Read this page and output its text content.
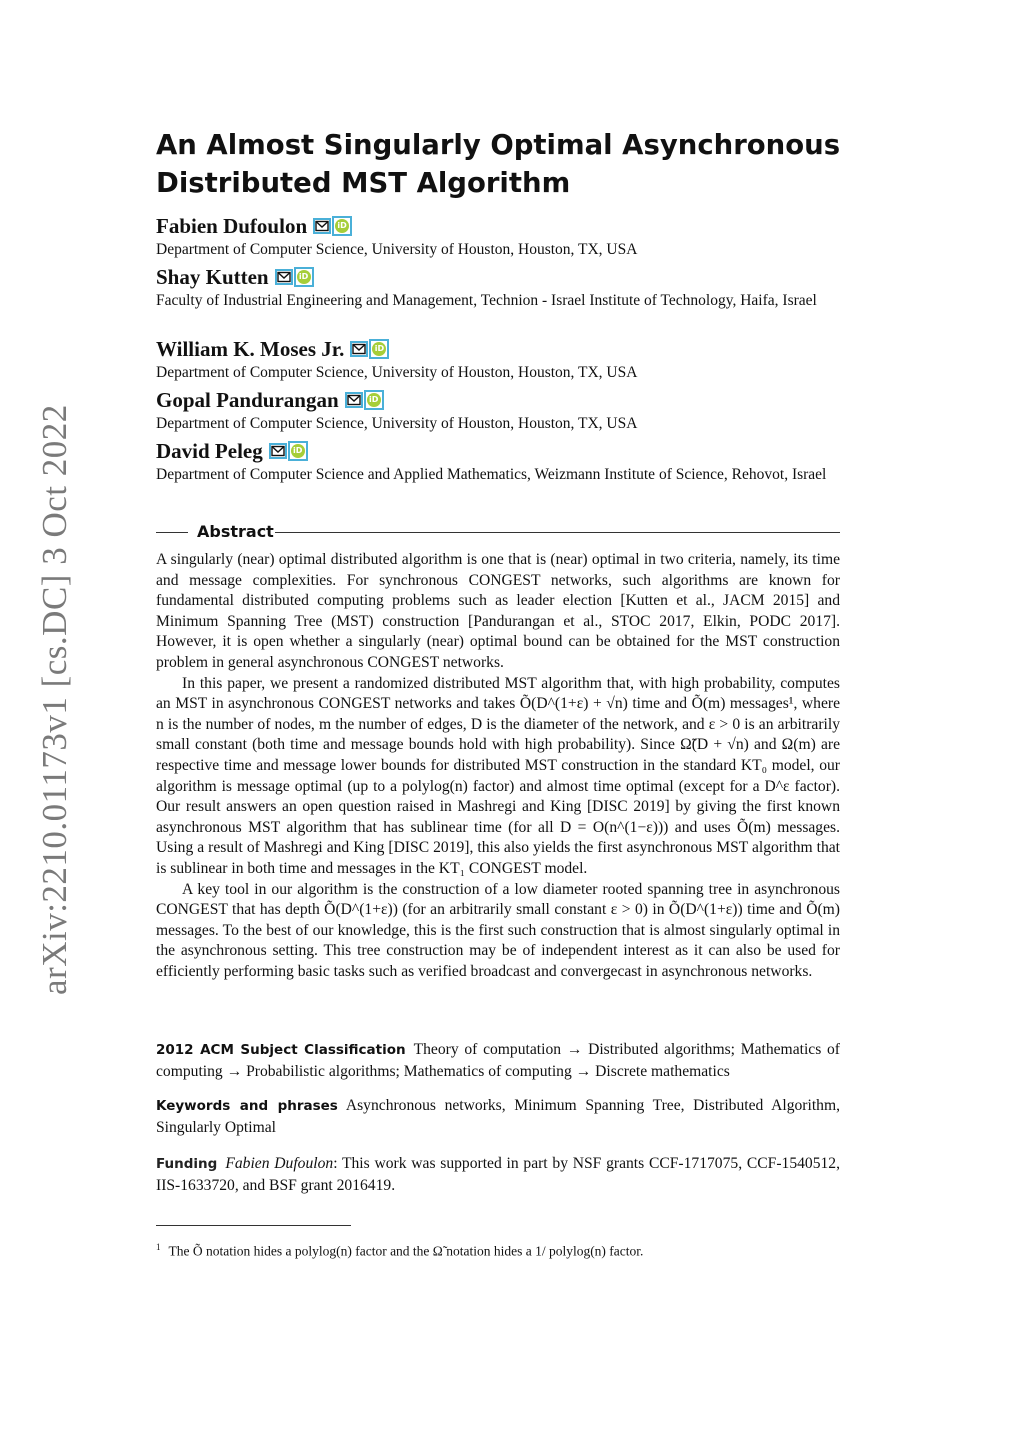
arXiv:2210.01173v1 [cs.DC] 3 Oct 2022
An Almost Singularly Optimal Asynchronous
Distributed MST Algorithm
Fabien Dufoulon	iD
Department of Computer Science, University of Houston, Houston, TX, USA
Shay Kutten	iD
Faculty of Industrial Engineering and Management, Technion - Israel Institute of Technology, Haifa, Israel
William K. Moses Jr.	iD
Department of Computer Science, University of Houston, Houston, TX, USA
Gopal Pandurangan	iD
Department of Computer Science, University of Houston, Houston, TX, USA
David Peleg	iD
Department of Computer Science and Applied Mathematics, Weizmann Institute of Science, Rehovot, Israel
Abstract

A singularly (near) optimal distributed algorithm is one that is (near) optimal in two criteria, namely, its time and message complexities. For synchronous CONGEST networks, such algorithms are known for fundamental distributed computing problems such as leader election [Kutten et al., JACM 2015] and Minimum Spanning Tree (MST) construction [Pandurangan et al., STOC 2017, Elkin, PODC 2017]. However, it is open whether a singularly (near) optimal bound can be obtained for the MST construction problem in general asynchronous CONGEST networks.

In this paper, we present a randomized distributed MST algorithm that, with high probability, computes an MST in asynchronous CONGEST networks and takes Õ(D^(1+ε) + √n) time and Õ(m) messages¹, where n is the number of nodes, m the number of edges, D is the diameter of the network, and ε > 0 is an arbitrarily small constant (both time and message bounds hold with high probability). Since Ω̃(D + √n) and Ω(m) are respective time and message lower bounds for distributed MST construction in the standard KT₀ model, our algorithm is message optimal (up to a polylog(n) factor) and almost time optimal (except for a D^ε factor). Our result answers an open question raised in Mashregi and King [DISC 2019] by giving the first known asynchronous MST algorithm that has sublinear time (for all D = O(n^(1−ε))) and uses Õ(m) messages. Using a result of Mashregi and King [DISC 2019], this also yields the first asynchronous MST algorithm that is sublinear in both time and messages in the KT₁ CONGEST model.

A key tool in our algorithm is the construction of a low diameter rooted spanning tree in asynchronous CONGEST that has depth Õ(D^(1+ε)) (for an arbitrarily small constant ε > 0) in Õ(D^(1+ε)) time and Õ(m) messages. To the best of our knowledge, this is the first such construction that is almost singularly optimal in the asynchronous setting. This tree construction may be of independent interest as it can also be used for efficiently performing basic tasks such as verified broadcast and convergecast in asynchronous networks.

2012 ACM Subject Classification Theory of computation → Distributed algorithms; Mathematics of computing → Probabilistic algorithms; Mathematics of computing → Discrete mathematics
Keywords and phrases Asynchronous networks, Minimum Spanning Tree, Distributed Algorithm, Singularly Optimal
Funding Fabien Dufoulon: This work was supported in part by NSF grants CCF-1717075, CCF-1540512, IIS-1633720, and BSF grant 2016419.
$^1$ The Õ notation hides a polylog(n) factor and the Ω̃ notation hides a 1/ polylog(n) factor.
